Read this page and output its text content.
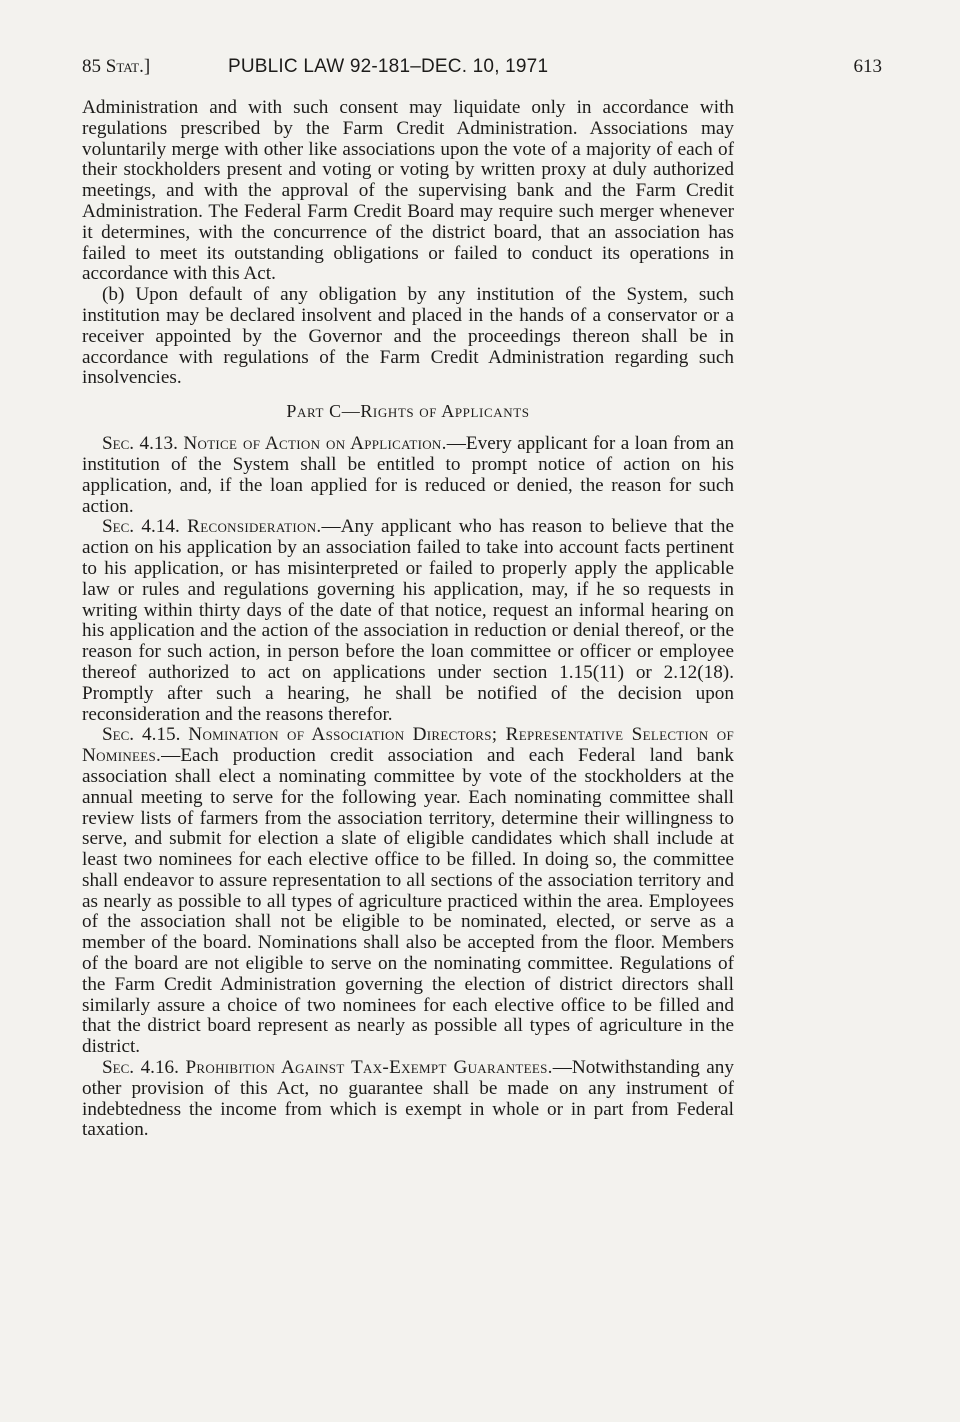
85 Stat.]	PUBLIC LAW 92-181–DEC. 10, 1971	613

Administration and with such consent may liquidate only in accordance with regulations prescribed by the Farm Credit Administration. Associations may voluntarily merge with other like associations upon the vote of a majority of each of their stockholders present and voting or voting by written proxy at duly authorized meetings, and with the approval of the supervising bank and the Farm Credit Administration. The Federal Farm Credit Board may require such merger whenever it determines, with the concurrence of the district board, that an association has failed to meet its outstanding obligations or failed to conduct its operations in accordance with this Act.

(b) Upon default of any obligation by any institution of the System, such institution may be declared insolvent and placed in the hands of a conservator or a receiver appointed by the Governor and the proceedings thereon shall be in accordance with regulations of the Farm Credit Administration regarding such insolvencies.

Part C—Rights of Applicants

Sec. 4.13. Notice of Action on Application.—Every applicant for a loan from an institution of the System shall be entitled to prompt notice of action on his application, and, if the loan applied for is reduced or denied, the reason for such action.

Sec. 4.14. Reconsideration.—Any applicant who has reason to believe that the action on his application by an association failed to take into account facts pertinent to his application, or has misinterpreted or failed to properly apply the applicable law or rules and regulations governing his application, may, if he so requests in writing within thirty days of the date of that notice, request an informal hearing on his application and the action of the association in reduction or denial thereof, or the reason for such action, in person before the loan committee or officer or employee thereof authorized to act on applications under section 1.15(11) or 2.12(18). Promptly after such a hearing, he shall be notified of the decision upon reconsideration and the reasons therefor.

Sec. 4.15. Nomination of Association Directors; Representative Selection of Nominees.—Each production credit association and each Federal land bank association shall elect a nominating committee by vote of the stockholders at the annual meeting to serve for the following year. Each nominating committee shall review lists of farmers from the association territory, determine their willingness to serve, and submit for election a slate of eligible candidates which shall include at least two nominees for each elective office to be filled. In doing so, the committee shall endeavor to assure representation to all sections of the association territory and as nearly as possible to all types of agriculture practiced within the area. Employees of the association shall not be eligible to be nominated, elected, or serve as a member of the board. Nominations shall also be accepted from the floor. Members of the board are not eligible to serve on the nominating committee. Regulations of the Farm Credit Administration governing the election of district directors shall similarly assure a choice of two nominees for each elective office to be filled and that the district board represent as nearly as possible all types of agriculture in the district.

Sec. 4.16. Prohibition Against Tax-Exempt Guarantees.—Notwithstanding any other provision of this Act, no guarantee shall be made on any instrument of indebtedness the income from which is exempt in whole or in part from Federal taxation.
